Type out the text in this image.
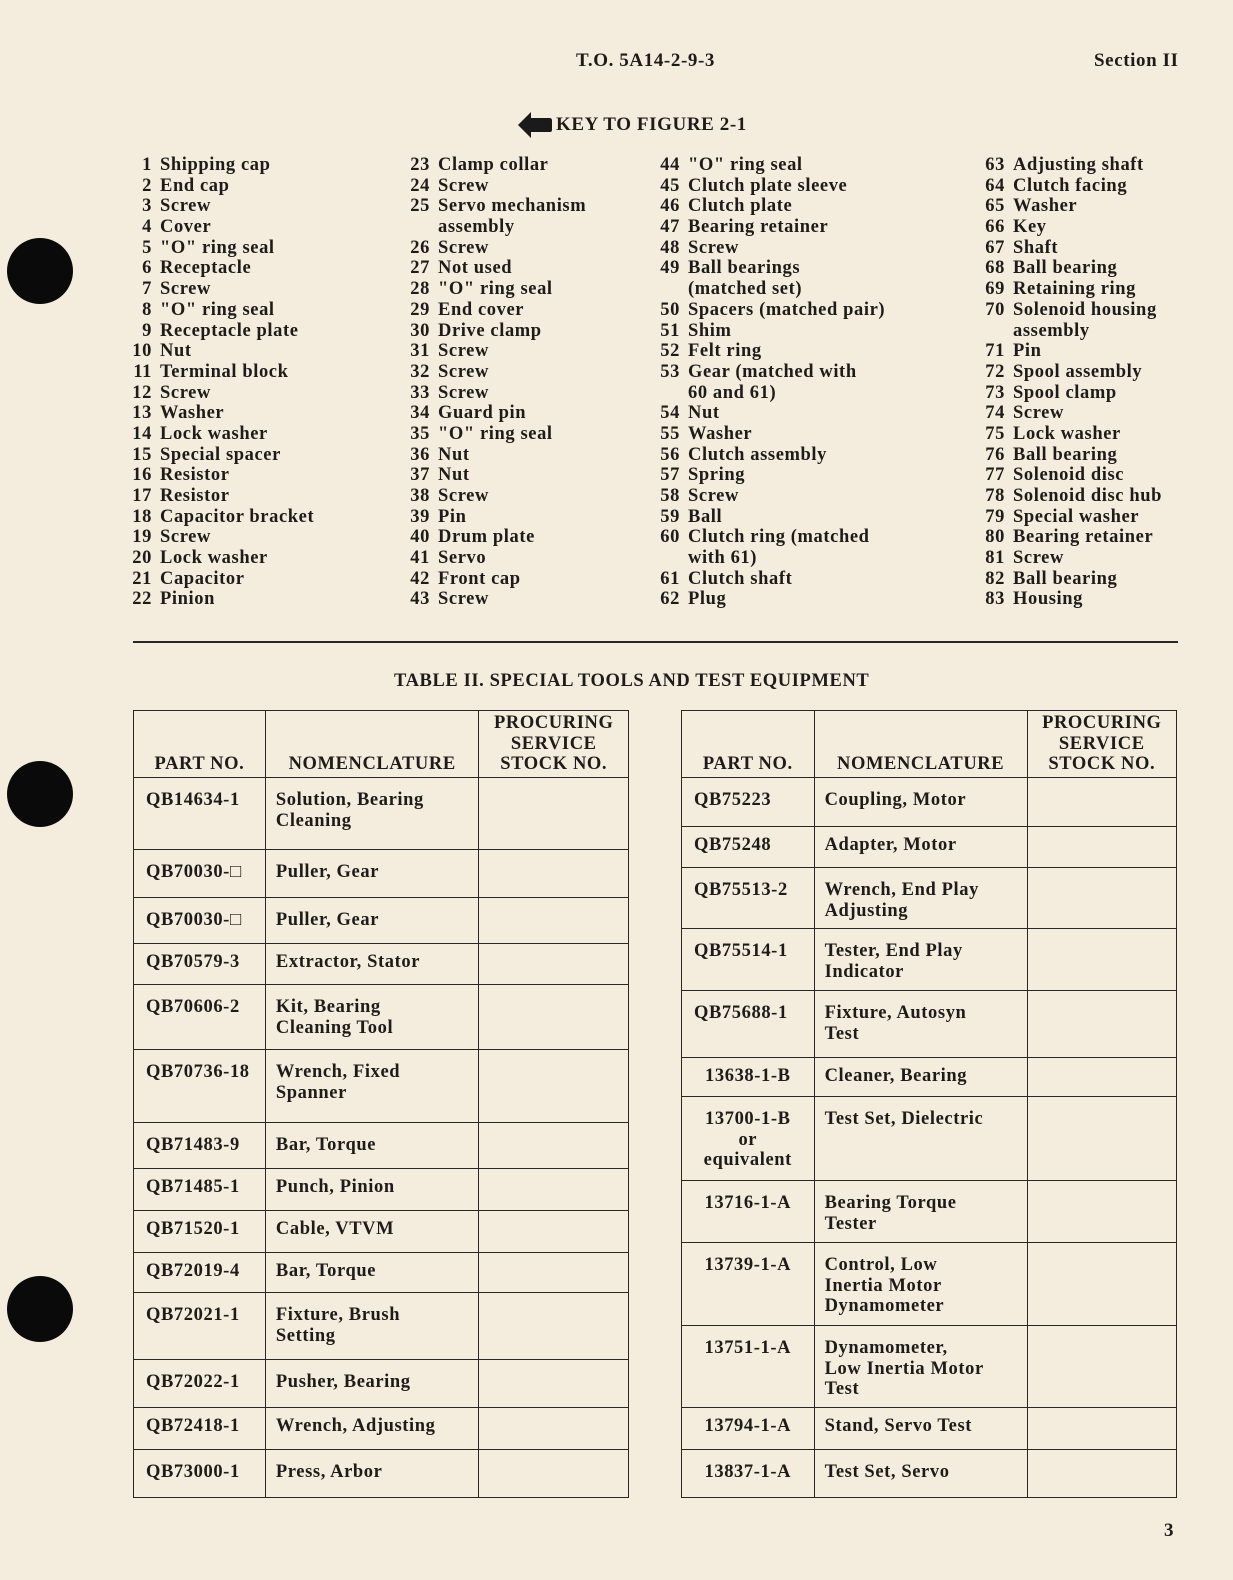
T.O. 5A14-2-9-3	Section II
KEY TO FIGURE 2-1
1 Shipping cap
2 End cap
3 Screw
4 Cover
5 "O" ring seal
6 Receptacle
7 Screw
8 "O" ring seal
9 Receptacle plate
10 Nut
11 Terminal block
12 Screw
13 Washer
14 Lock washer
15 Special spacer
16 Resistor
17 Resistor
18 Capacitor bracket
19 Screw
20 Lock washer
21 Capacitor
22 Pinion
23 Clamp collar
24 Screw
25 Servo mechanism
assembly
26 Screw
27 Not used
28 "O" ring seal
29 End cover
30 Drive clamp
31 Screw
32 Screw
33 Screw
34 Guard pin
35 "O" ring seal
36 Nut
37 Nut
38 Screw
39 Pin
40 Drum plate
41 Servo
42 Front cap
43 Screw
44 "O" ring seal
45 Clutch plate sleeve
46 Clutch plate
47 Bearing retainer
48 Screw
49 Ball bearings
(matched set)
50 Spacers (matched pair)
51 Shim
52 Felt ring
53 Gear (matched with
60 and 61)
54 Nut
55 Washer
56 Clutch assembly
57 Spring
58 Screw
59 Ball
60 Clutch ring (matched
with 61)
61 Clutch shaft
62 Plug
63 Adjusting shaft
64 Clutch facing
65 Washer
66 Key
67 Shaft
68 Ball bearing
69 Retaining ring
70 Solenoid housing
assembly
71 Pin
72 Spool assembly
73 Spool clamp
74 Screw
75 Lock washer
76 Ball bearing
77 Solenoid disc
78 Solenoid disc hub
79 Special washer
80 Bearing retainer
81 Screw
82 Ball bearing
83 Housing
TABLE II. SPECIAL TOOLS AND TEST EQUIPMENT
PART NO.	NOMENCLATURE	PROCURING
SERVICE
STOCK NO.
QB14634-1	Solution, Bearing
Cleaning	
QB70030-□	Puller, Gear	
QB70030-□	Puller, Gear	
QB70579-3	Extractor, Stator	
QB70606-2	Kit, Bearing
Cleaning Tool	
QB70736-18	Wrench, Fixed
Spanner	
QB71483-9	Bar, Torque	
QB71485-1	Punch, Pinion	
QB71520-1	Cable, VTVM	
QB72019-4	Bar, Torque	
QB72021-1	Fixture, Brush
Setting	
QB72022-1	Pusher, Bearing	
QB72418-1	Wrench, Adjusting	
QB73000-1	Press, Arbor	
PART NO.	NOMENCLATURE	PROCURING
SERVICE
STOCK NO.
QB75223	Coupling, Motor	
QB75248	Adapter, Motor	
QB75513-2	Wrench, End Play
Adjusting	
QB75514-1	Tester, End Play
Indicator	
QB75688-1	Fixture, Autosyn
Test	
13638-1-B	Cleaner, Bearing	
13700-1-B
or
equivalent	Test Set, Dielectric	
13716-1-A	Bearing Torque
Tester	
13739-1-A	Control, Low
Inertia Motor
Dynamometer	
13751-1-A	Dynamometer,
Low Inertia Motor
Test	
13794-1-A	Stand, Servo Test	
13837-1-A	Test Set, Servo	
3
